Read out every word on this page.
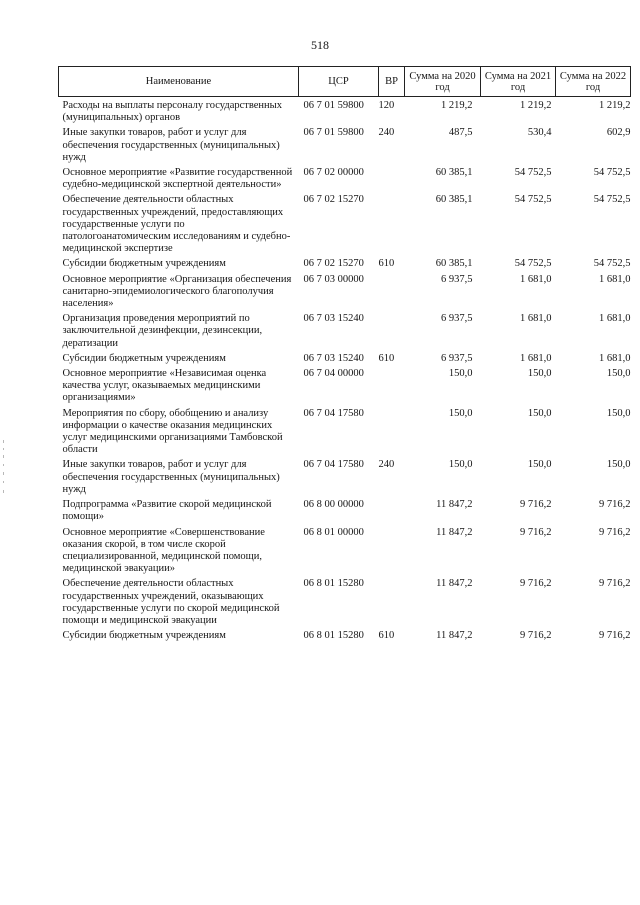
518
Наименование	ЦСР	ВР	Сумма на 2020 год	Сумма на 2021 год	Сумма на 2022 год
Расходы на выплаты персоналу государственных (муниципальных) органов	06 7 01 59800	120	1 219,2	1 219,2	1 219,2
Иные закупки товаров, работ и услуг для обеспечения государственных (муниципальных) нужд	06 7 01 59800	240	487,5	530,4	602,9
Основное мероприятие «Развитие государственной судебно-медицинской экспертной деятельности»	06 7 02 00000		60 385,1	54 752,5	54 752,5
Обеспечение деятельности областных государственных учреждений, предоставляющих государственные услуги по патологоанатомическим исследованиям и судебно-медицинской экспертизе	06 7 02 15270		60 385,1	54 752,5	54 752,5
Субсидии бюджетным учреждениям	06 7 02 15270	610	60 385,1	54 752,5	54 752,5
Основное мероприятие «Организация обеспечения санитарно-эпидемиологического благополучия населения»	06 7 03 00000		6 937,5	1 681,0	1 681,0
Организация проведения мероприятий по заключительной дезинфекции, дезинсекции, дератизации	06 7 03 15240		6 937,5	1 681,0	1 681,0
Субсидии бюджетным учреждениям	06 7 03 15240	610	6 937,5	1 681,0	1 681,0
Основное мероприятие «Независимая оценка качества услуг, оказываемых медицинскими организациями»	06 7 04 00000		150,0	150,0	150,0
Мероприятия по сбору, обобщению и анализу информации о качестве оказания медицинских услуг медицинскими организациями Тамбовской области	06 7 04 17580		150,0	150,0	150,0
Иные закупки товаров, работ и услуг для обеспечения государственных (муниципальных) нужд	06 7 04 17580	240	150,0	150,0	150,0
Подпрограмма «Развитие скорой медицинской помощи»	06 8 00 00000		11 847,2	9 716,2	9 716,2
Основное мероприятие «Совершенствование оказания скорой, в том числе скорой специализированной, медицинской помощи, медицинской эвакуации»	06 8 01 00000		11 847,2	9 716,2	9 716,2
Обеспечение деятельности областных государственных учреждений, оказывающих государственные услуги по скорой медицинской помощи и медицинской эвакуации	06 8 01 15280		11 847,2	9 716,2	9 716,2
Субсидии бюджетным учреждениям	06 8 01 15280	610	11 847,2	9 716,2	9 716,2
